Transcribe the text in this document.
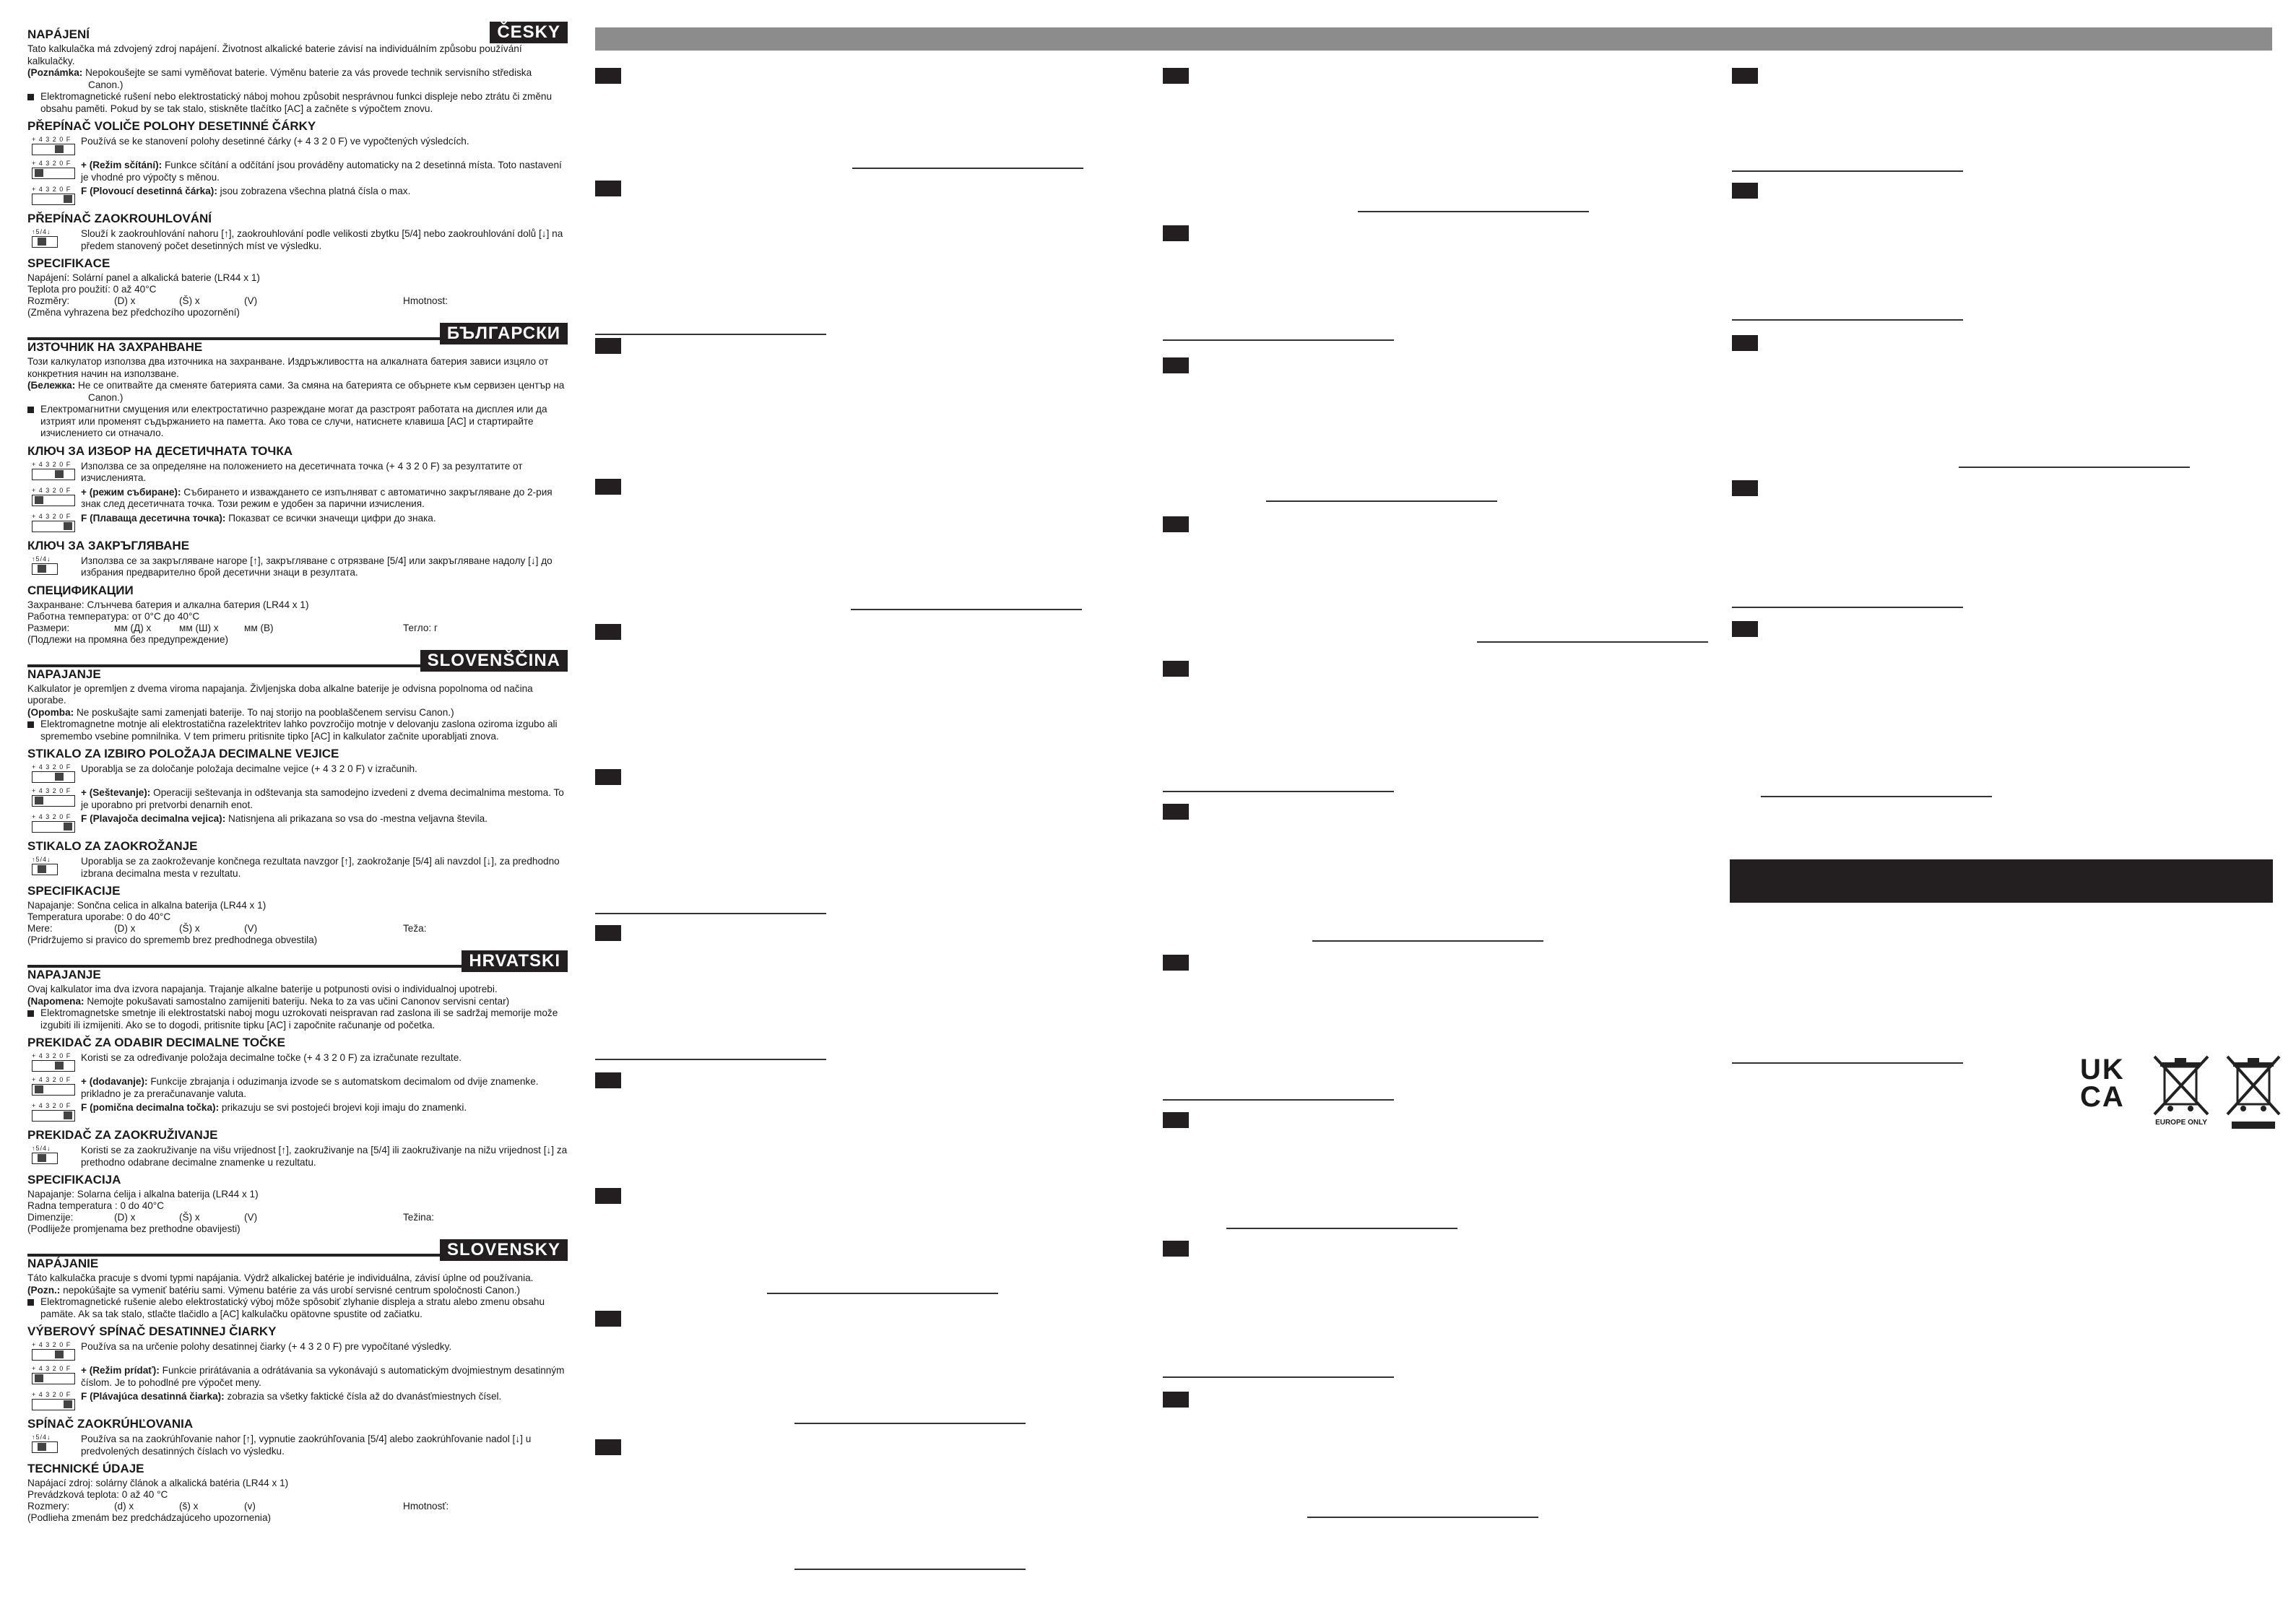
ČESKY
NAPÁJENÍ
Tato kalkulačka má zdvojený zdroj napájení. Životnost alkalické baterie závisí na individuálním způsobu používání kalkulačky.
(Poznámka: Nepokoušejte se sami vyměňovat baterie. Výměnu baterie za vás provede technik servisního střediska Canon.)
Elektromagnetické rušení nebo elektrostatický náboj mohou způsobit nesprávnou funkci displeje nebo ztrátu či změnu obsahu paměti. Pokud by se tak stalo, stiskněte tlačítko [AC] a začněte s výpočtem znovu.
PŘEPÍNAČ VOLIČE POLOHY DESETINNÉ ČÁRKY
+ 4 3 2 0 F Používá se ke stanovení polohy desetinné čárky (+ 4 3 2 0 F) ve vypočtených výsledcích.
+ 4 3 2 0 F + (Režim sčítání): Funkce sčítání a odčítání jsou prováděny automaticky na 2 desetinná místa. Toto nastavení je vhodné pro výpočty s měnou.
+ 4 3 2 0 F F (Plovoucí desetinná čárka): jsou zobrazena všechna platná čísla o max.
PŘEPÍNAČ ZAOKROUHLOVÁNÍ
↑5/4↓	Slouží k zaokrouhlování nahoru [↑], zaokrouhlování podle velikosti zbytku [5/4] nebo zaokrouhlování dolů [↓] na předem stanovený počet desetinných míst ve výsledku.
SPECIFIKACE
Napájení: Solární panel a alkalická baterie (LR44 x 1)
Teplota pro použití: 0 až 40°C
Rozměry:	(D) x	(Š) x	(V)	Hmotnost:
(Změna vyhrazena bez předchozího upozornění)
БЪЛГАРСКИ
ИЗТОЧНИК НА ЗАХРАНВАНЕ
Този калкулатор използва два източника на захранване. Издръжливостта на алкалната батерия зависи изцяло от конкретния начин на използване.
(Бележка: Не се опитвайте да сменяте батерията сами. За смяна на батерията се обърнете към сервизен център на Canon.)
Електромагнитни смущения или електростатично разреждане могат да разстроят работата на дисплея или да изтрият или променят съдържанието на паметта. Ако това се случи, натиснете клавиша [AC] и стартирайте изчислението си отначало.
КЛЮЧ ЗА ИЗБОР НА ДЕСЕТИЧНАТА ТОЧКА
+ 4 3 2 0 F Използва се за определяне на положението на десетичната точка (+ 4 3 2 0 F) за резултатите от изчисленията.
+ 4 3 2 0 F + (режим събиране): Събирането и изваждането се изпълняват с автоматично закръгляване до 2-рия знак след десетичната точка. Този режим е удобен за парични изчисления.
+ 4 3 2 0 F F (Плаваща десетична точка): Показват се всички значещи цифри до знака.
КЛЮЧ ЗА ЗАКРЪГЛЯВАНЕ
↑5/4↓	Използва се за закръгляване нагоре [↑], закръгляване с отрязване [5/4] или закръгляване надолу [↓] до избрания предварително брой десетични знаци в резултата.
СПЕЦИФИКАЦИИ
Захранване: Слънчева батерия и алкална батерия (LR44 x 1)
Работна температура: от 0°C до 40°C
Размери:	мм (Д) x	мм (Ш) x	мм (В)	Тегло: г
(Подлежи на промяна без предупреждение)
SLOVENŠČINA
NAPAJANJE
Kalkulator je opremljen z dvema viroma napajanja. Življenjska doba alkalne baterije je odvisna popolnoma od načina uporabe.
(Opomba: Ne poskušajte sami zamenjati baterije. To naj storijo na pooblaščenem servisu Canon.)
Elektromagnetne motnje ali elektrostatična razelektritev lahko povzročijo motnje v delovanju zaslona oziroma izgubo ali spremembo vsebine pomnilnika. V tem primeru pritisnite tipko [AC] in kalkulator začnite uporabljati znova.
STIKALO ZA IZBIRO POLOŽAJA DECIMALNE VEJICE
+ 4 3 2 0 F Uporablja se za določanje položaja decimalne vejice (+ 4 3 2 0 F) v izračunih.
+ 4 3 2 0 F + (Seštevanje): Operaciji seštevanja in odštevanja sta samodejno izvedeni z dvema decimalnima mestoma. To je uporabno pri pretvorbi denarnih enot.
+ 4 3 2 0 F F (Plavajoča decimalna vejica): Natisnjena ali prikazana so vsa do -mestna veljavna števila.
STIKALO ZA ZAOKROŽANJE
↑5/4↓	Uporablja se za zaokroževanje končnega rezultata navzgor [↑], zaokrožanje [5/4] ali navzdol [↓], za predhodno izbrana decimalna mesta v rezultatu.
SPECIFIKACIJE
Napajanje: Sončna celica in alkalna baterija (LR44 x 1)
Temperatura uporabe: 0 do 40°C
Mere:	(D) x	(Š) x	(V)	Teža:
(Pridržujemo si pravico do sprememb brez predhodnega obvestila)
HRVATSKI
NAPAJANJE
Ovaj kalkulator ima dva izvora napajanja. Trajanje alkalne baterije u potpunosti ovisi o individualnoj upotrebi.
(Napomena: Nemojte pokušavati samostalno zamijeniti bateriju. Neka to za vas učini Canonov servisni centar)
Elektromagnetske smetnje ili elektrostatski naboj mogu uzrokovati neispravan rad zaslona ili se sadržaj memorije može izgubiti ili izmijeniti. Ako se to dogodi, pritisnite tipku [AC] i započnite računanje od početka.
PREKIDAČ ZA ODABIR DECIMALNE TOČKE
+ 4 3 2 0 F Koristi se za određivanje položaja decimalne točke (+ 4 3 2 0 F) za izračunate rezultate.
+ 4 3 2 0 F + (dodavanje): Funkcije zbrajanja i oduzimanja izvode se s automatskom decimalom od dvije znamenke. prikladno je za preračunavanje valuta.
+ 4 3 2 0 F F (pomična decimalna točka): prikazuju se svi postojeći brojevi koji imaju do znamenki.
PREKIDAČ ZA ZAOKRUŽIVANJE
↑5/4↓	Koristi se za zaokruživanje na višu vrijednost [↑], zaokruživanje na [5/4] ili zaokruživanje na nižu vrijednost [↓] za prethodno odabrane decimalne znamenke u rezultatu.
SPECIFIKACIJA
Napajanje: Solarna ćelija i alkalna baterija (LR44 x 1)
Radna temperatura : 0 do 40°C
Dimenzije:	(D) x	(Š) x	(V)	Težina:
(Podliježe promjenama bez prethodne obavijesti)
SLOVENSKY
NAPÁJANIE
Táto kalkulačka pracuje s dvomi typmi napájania. Výdrž alkalickej batérie je individuálna, závisí úplne od používania.
(Pozn.: nepokúšajte sa vymeniť batériu sami. Výmenu batérie za vás urobí servisné centrum spoločnosti Canon.)
Elektromagnetické rušenie alebo elektrostatický výboj môže spôsobiť zlyhanie displeja a stratu alebo zmenu obsahu pamäte. Ak sa tak stalo, stlačte tlačidlo a [AC] kalkulačku opätovne spustite od začiatku.
VÝBEROVÝ SPÍNAČ DESATINNEJ ČIARKY
+ 4 3 2 0 F Používa sa na určenie polohy desatinnej čiarky (+ 4 3 2 0 F) pre vypočítané výsledky.
+ 4 3 2 0 F + (Režim prídať): Funkcie prirátávania a odrátávania sa vykonávajú s automatickým dvojmiestnym desatinným číslom. Je to pohodlné pre výpočet meny.
+ 4 3 2 0 F F (Plávajúca desatinná čiarka): zobrazia sa všetky faktické čísla až do dvanásťmiestnych čísel.
SPÍNAČ ZAOKRÚHĽOVANIA
↑5/4↓	Používa sa na zaokrúhľovanie nahor [↑], vypnutie zaokrúhľovania [5/4] alebo zaokrúhľovanie nadol [↓] u predvolených desatinných číslach vo výsledku.
TECHNICKÉ ÚDAJE
Napájací zdroj: solárny článok a alkalická batéria (LR44 x 1)
Prevádzková teplota: 0 až 40 °C
Rozmery:	(d) x	(š) x	(v)	Hmotnosť:
(Podlieha zmenám bez predchádzajúceho upozornenia)
UK
CA
EUROPE ONLY
